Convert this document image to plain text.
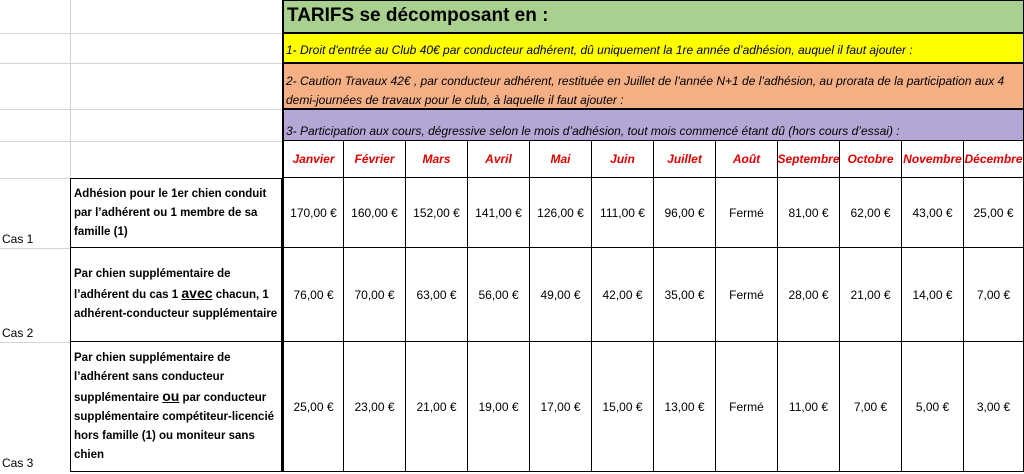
TARIFS se décomposant en :
1- Droit d'entrée au Club 40€ par conducteur adhérent, dû uniquement la 1re année d’adhésion, auquel il faut ajouter :
2- Caution Travaux 42€ , par conducteur adhérent, restituée en Juillet de l'année N+1 de l’adhésion, au prorata de la participation aux 4 demi-journées de travaux pour le club, à laquelle il faut ajouter :
3- Participation aux cours, dégressive selon le mois d’adhésion, tout mois commencé étant dû (hors cours d’essai) :
Janvier	Février	Mars	Avril	Mai	Juin	Juillet	Août	Septembre Octobre Novembre Décembre
Adhésion pour le 1er chien conduit par l’adhérent ou 1 membre de sa famille (1)
Cas 1
170,00 €	160,00 €	152,00 €	141,00 €	126,00 €	111,00 €	96,00 €	Fermé	81,00 €	62,00 €	43,00 €	25,00 €
Par chien supplémentaire de l’adhérent du cas 1 avec chacun, 1 adhérent-conducteur supplémentaire
Cas 2
76,00 €	70,00 €	63,00 €	56,00 €	49,00 €	42,00 €	35,00 €	Fermé	28,00 €	21,00 €	14,00 €	7,00 €
Par chien supplémentaire de l’adhérent sans conducteur supplémentaire ou par conducteur supplémentaire compétiteur-licencié hors famille (1) ou moniteur sans chien
Cas 3
25,00 €	23,00 €	21,00 €	19,00 €	17,00 €	15,00 €	13,00 €	Fermé	11,00 €	7,00 €	5,00 €	3,00 €
